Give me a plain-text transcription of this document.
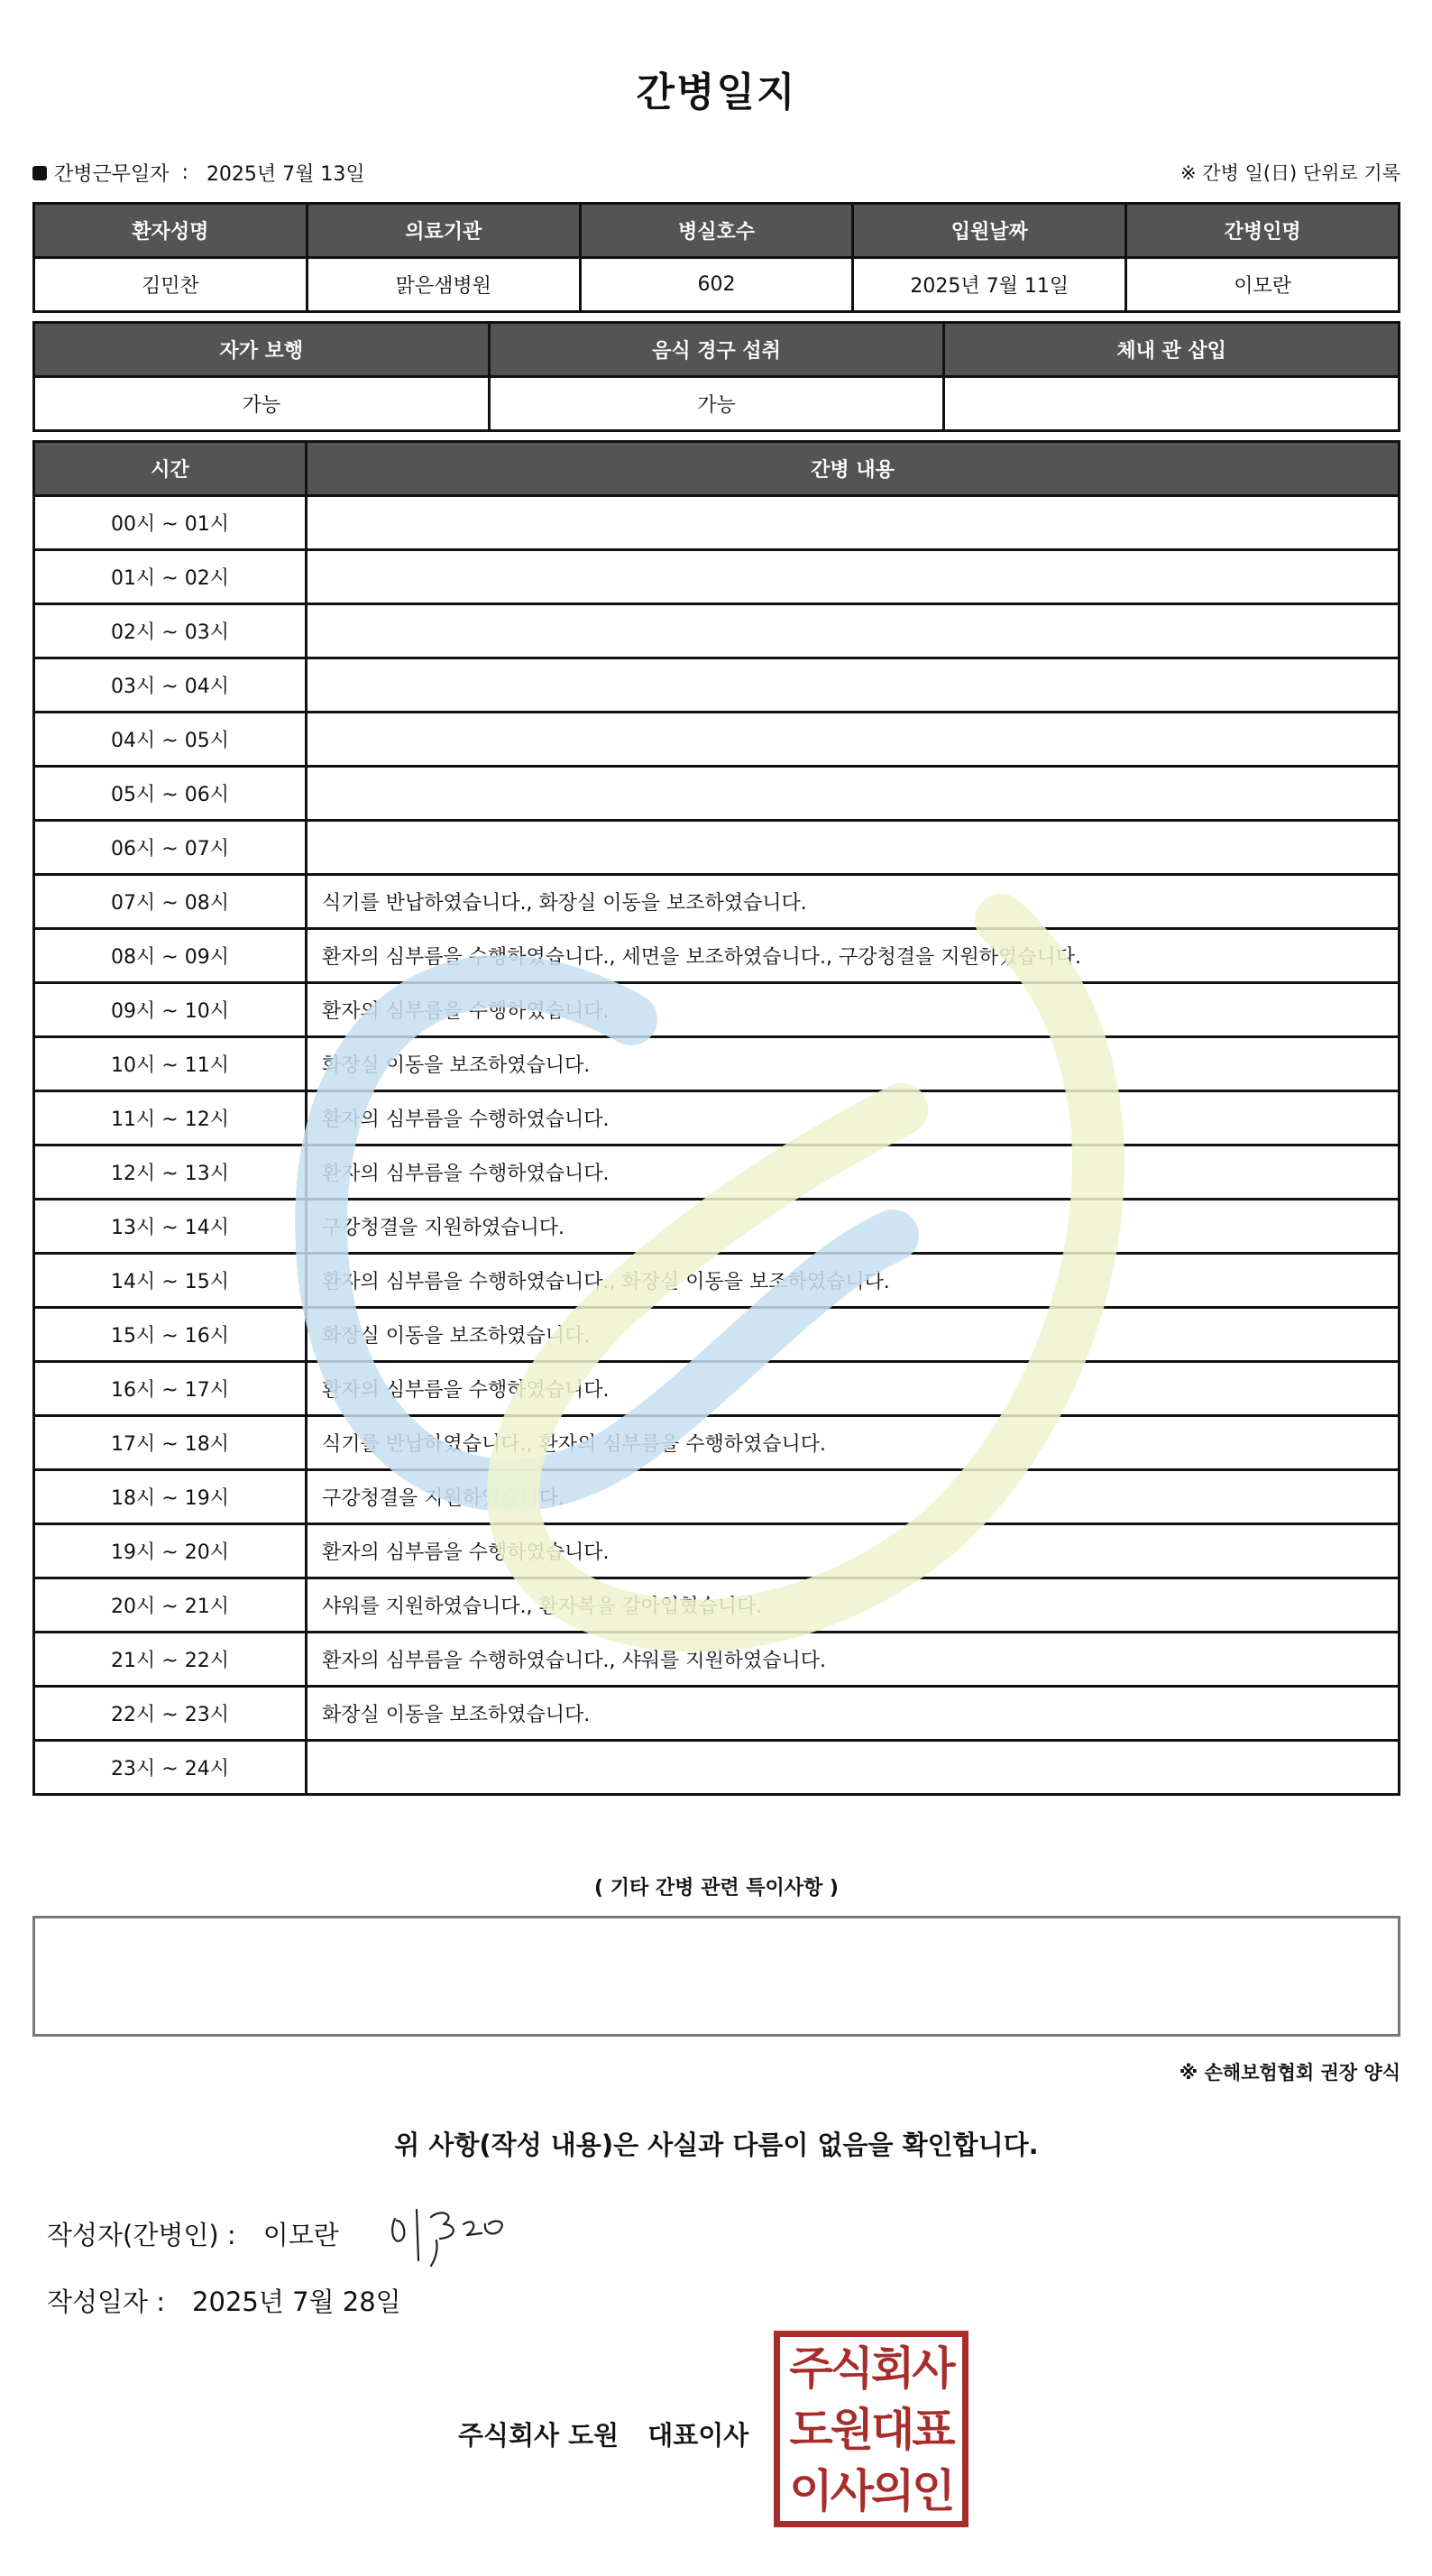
간병일지
간병근무일자 : 2025년 7월 13일	※ 간병 일(日) 단위로 기록
환자성명	의료기관	병실호수	입원날짜	간병인명
김민찬	맑은샘병원	602	2025년 7월 11일	이모란
자가 보행	음식 경구 섭취	체내 관 삽입
가능	가능	
시간	간병 내용
00시 ~ 01시	
01시 ~ 02시	
02시 ~ 03시	
03시 ~ 04시	
04시 ~ 05시	
05시 ~ 06시	
06시 ~ 07시	
07시 ~ 08시	식기를 반납하였습니다., 화장실 이동을 보조하였습니다.
08시 ~ 09시	환자의 심부름을 수행하였습니다., 세면을 보조하였습니다., 구강청결을 지원하였습니다.
09시 ~ 10시	환자의 심부름을 수행하였습니다.
10시 ~ 11시	화장실 이동을 보조하였습니다.
11시 ~ 12시	환자의 심부름을 수행하였습니다.
12시 ~ 13시	환자의 심부름을 수행하였습니다.
13시 ~ 14시	구강청결을 지원하였습니다.
14시 ~ 15시	환자의 심부름을 수행하였습니다., 화장실 이동을 보조하였습니다.
15시 ~ 16시	화장실 이동을 보조하였습니다.
16시 ~ 17시	환자의 심부름을 수행하였습니다.
17시 ~ 18시	식기를 반납하였습니다., 환자의 심부름을 수행하였습니다.
18시 ~ 19시	구강청결을 지원하였습니다.
19시 ~ 20시	환자의 심부름을 수행하였습니다.
20시 ~ 21시	샤워를 지원하였습니다., 환자복을 갈아입혔습니다.
21시 ~ 22시	환자의 심부름을 수행하였습니다., 샤워를 지원하였습니다.
22시 ~ 23시	화장실 이동을 보조하였습니다.
23시 ~ 24시	
( 기타 간병 관련 특이사항 )
※ 손해보험협회 권장 양식
위 사항(작성 내용)은 사실과 다름이 없음을 확인합니다.
작성자(간병인) : 이모란
작성일자 : 2025년 7월 28일
주식회사 도원 대표이사
주식회사
도원대표
이사의인
